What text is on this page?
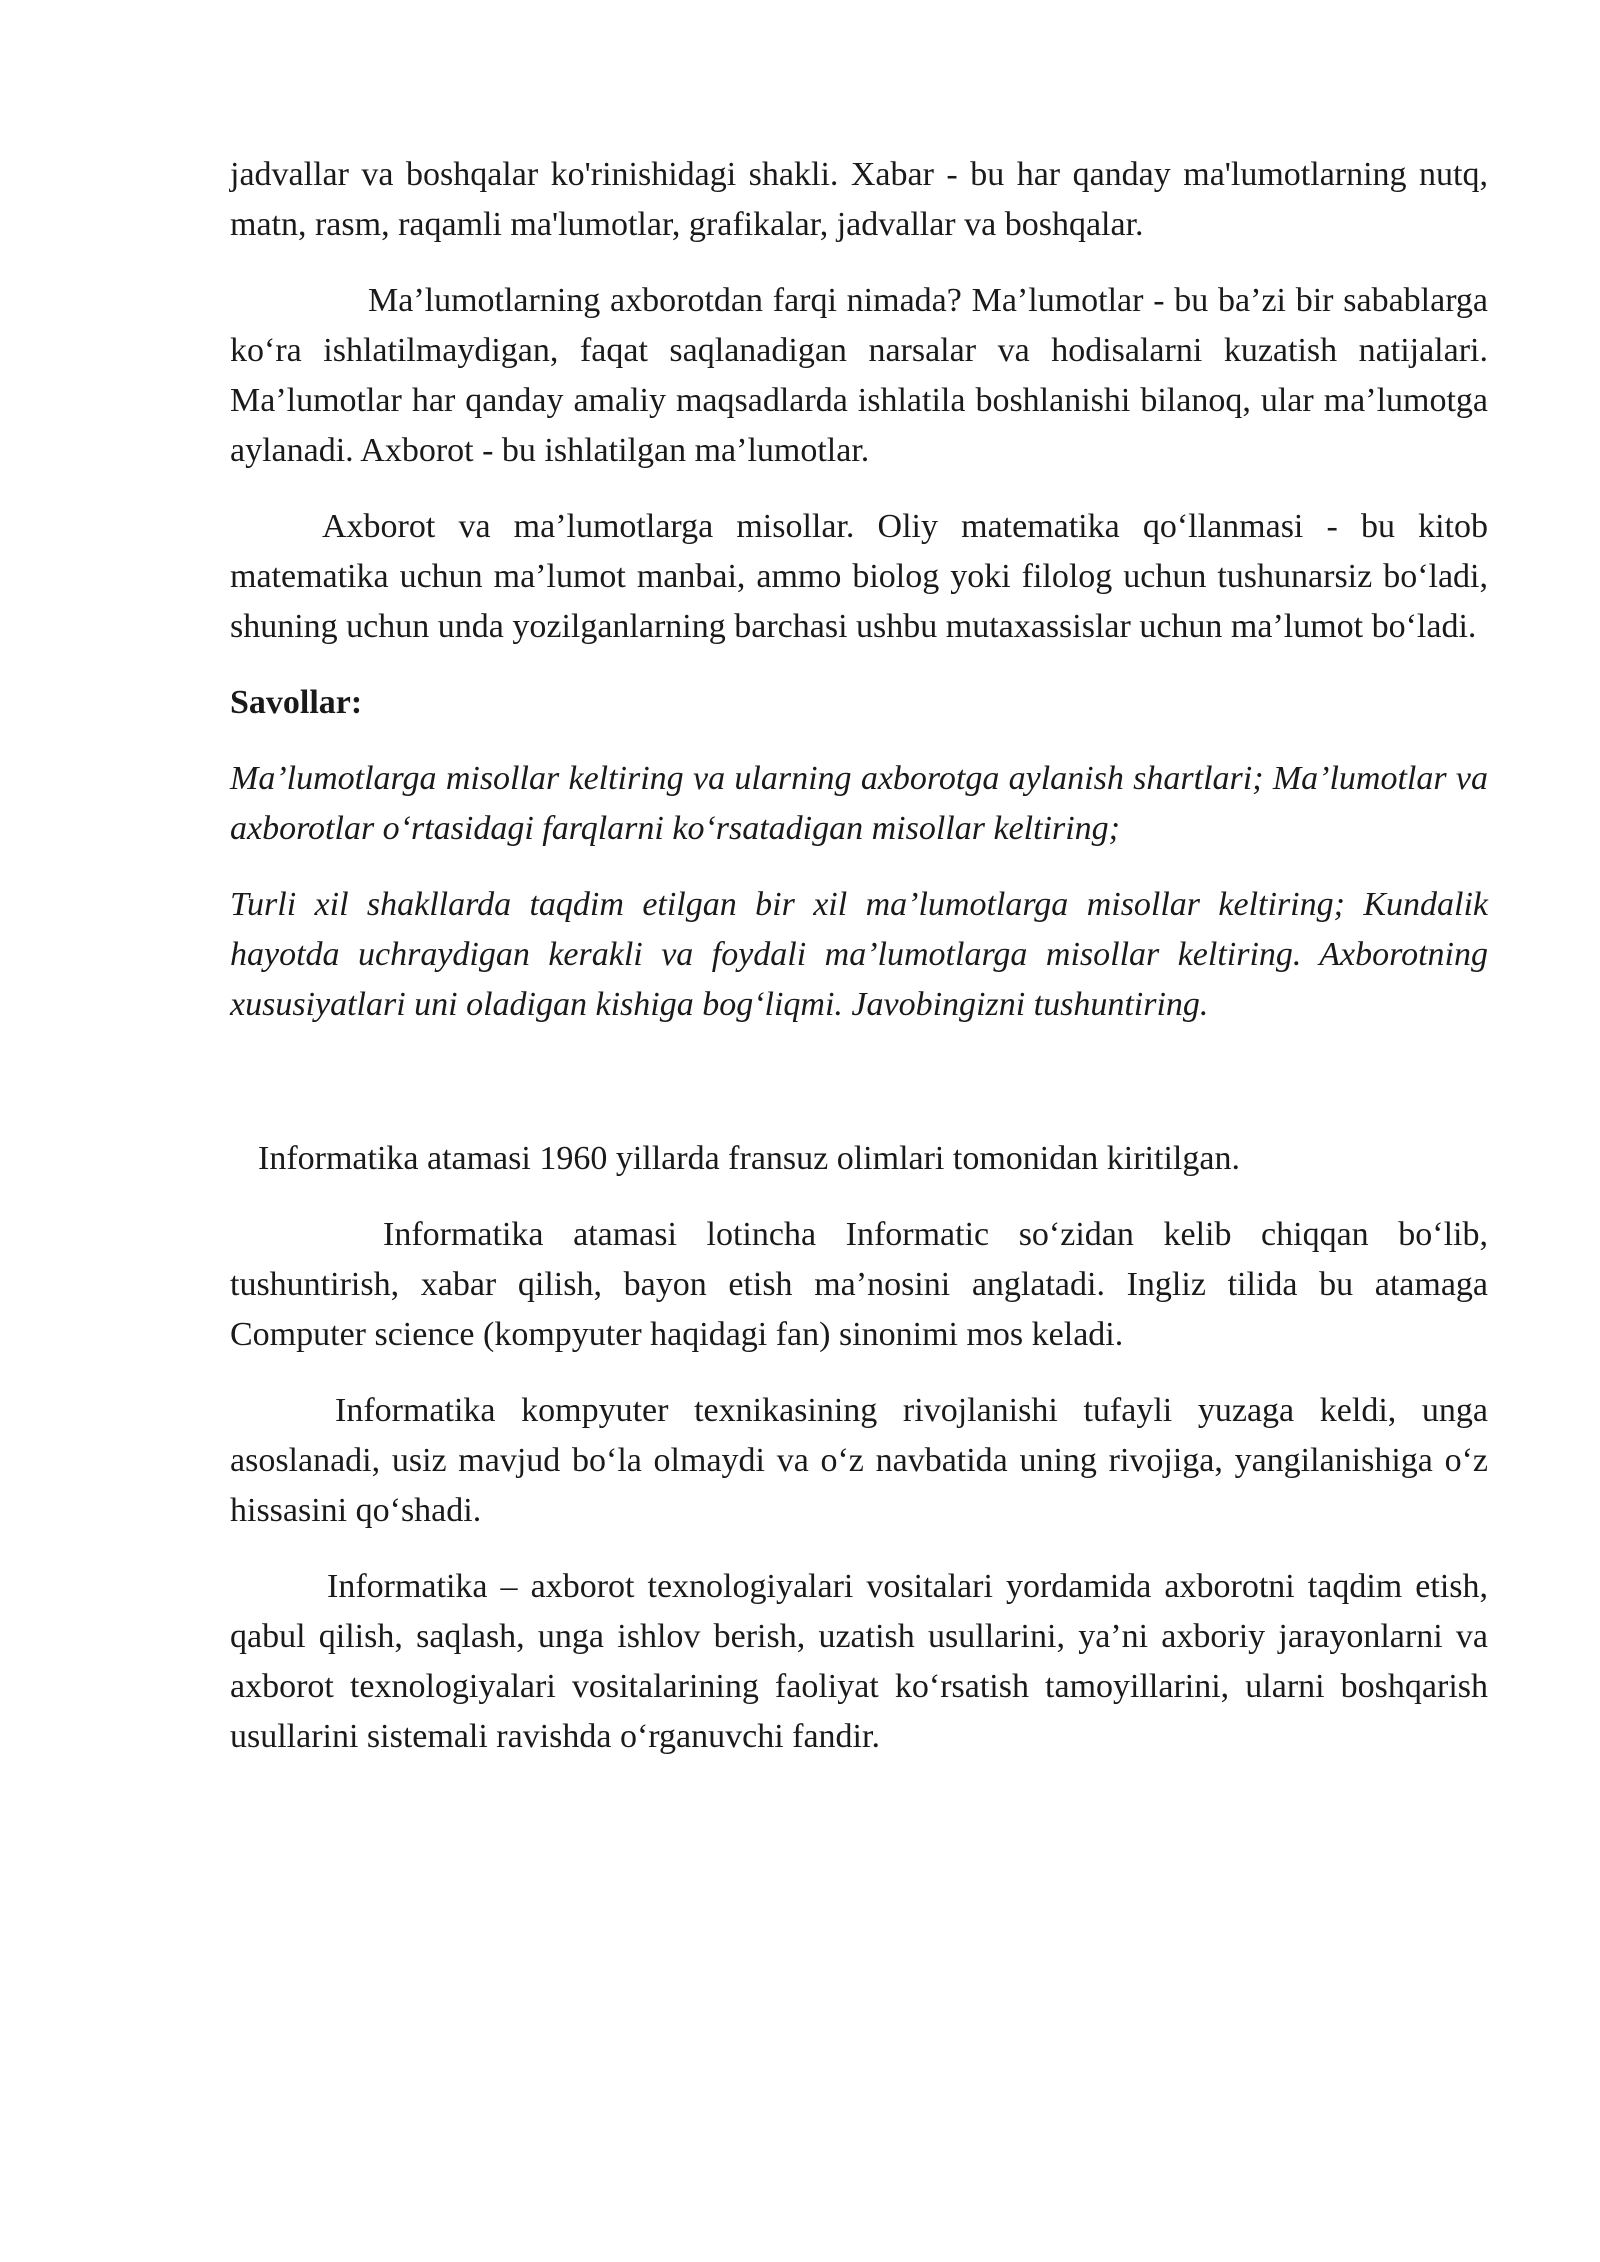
jadvallar va boshqalar ko'rinishidagi shakli. Xabar - bu har qanday ma'lumotlarning nutq, matn, rasm, raqamli ma'lumotlar, grafikalar, jadvallar va boshqalar.

Ma’lumotlarning axborotdan farqi nimada? Ma’lumotlar - bu ba’zi bir sabablarga ko‘ra ishlatilmaydigan, faqat saqlanadigan narsalar va hodisalarni kuzatish natijalari. Ma’lumotlar har qanday amaliy maqsadlarda ishlatila boshlanishi bilanoq, ular ma’lumotga aylanadi. Axborot - bu ishlatilgan ma’lumotlar.

Axborot va ma’lumotlarga misollar. Oliy matematika qo‘llanmasi - bu kitob matematika uchun ma’lumot manbai, ammo biolog yoki filolog uchun tushunarsiz bo‘ladi, shuning uchun unda yozilganlarning barchasi ushbu mutaxassislar uchun ma’lumot bo‘ladi.

Savollar:

Ma’lumotlarga misollar keltiring va ularning axborotga aylanish shartlari; Ma’lumotlar va axborotlar o‘rtasidagi farqlarni ko‘rsatadigan misollar keltiring;

Turli xil shakllarda taqdim etilgan bir xil ma’lumotlarga misollar keltiring; Kundalik hayotda uchraydigan kerakli va foydali ma’lumotlarga misollar keltiring. Axborotning xususiyatlari uni oladigan kishiga bog‘liqmi. Javobingizni tushuntiring.

Informatika atamasi 1960 yillarda fransuz olimlari tomonidan kiritilgan.

Informatika atamasi lotincha Informatic so‘zidan kelib chiqqan bo‘lib, tushuntirish, xabar qilish, bayon etish ma’nosini anglatadi. Ingliz tilida bu atamaga Computer science (kompyuter haqidagi fan) sinonimi mos keladi.

Informatika kompyuter texnikasining rivojlanishi tufayli yuzaga keldi, unga asoslanadi, usiz mavjud bo‘la olmaydi va o‘z navbatida uning rivojiga, yangilanishiga o‘z hissasini qo‘shadi.

Informatika – axborot texnologiyalari vositalari yordamida axborotni taqdim etish, qabul qilish, saqlash, unga ishlov berish, uzatish usullarini, ya’ni axboriy jarayonlarni va axborot texnologiyalari vositalarining faoliyat ko‘rsatish tamoyillarini, ularni boshqarish usullarini sistemali ravishda o‘rganuvchi fandir.
